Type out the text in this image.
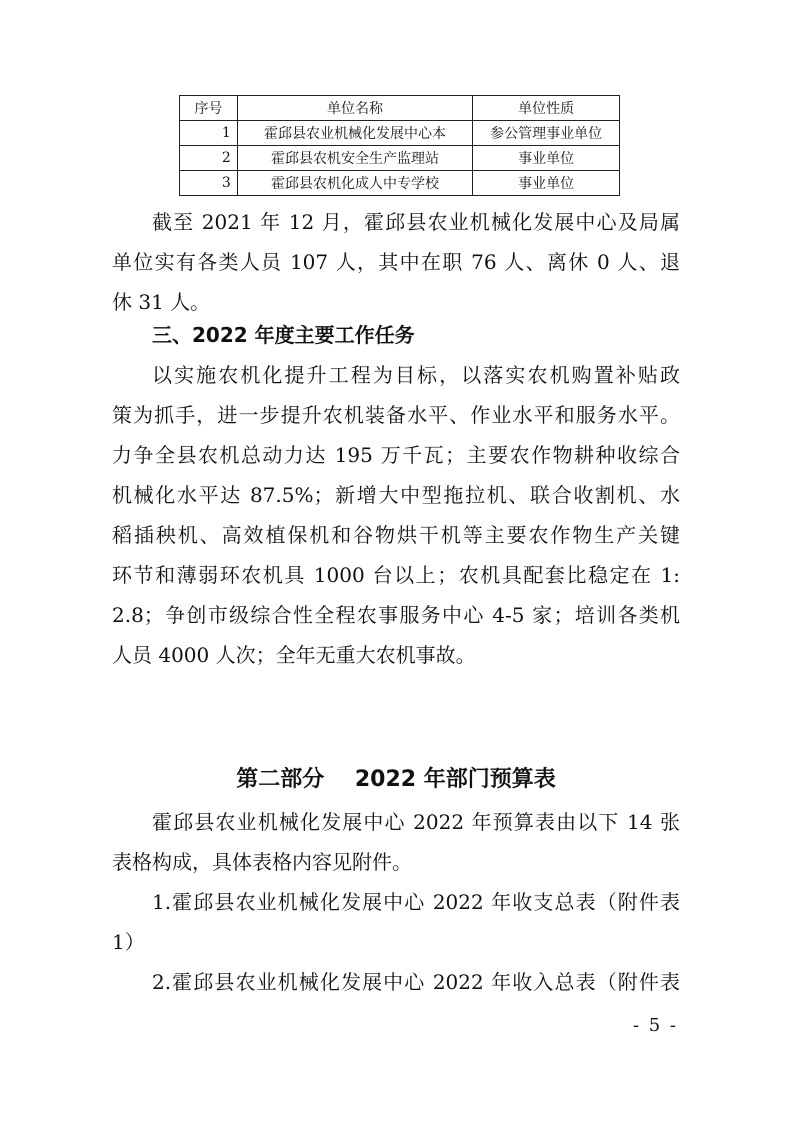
序号	单位名称	单位性质
1	霍邱县农业机械化发展中心本	参公管理事业单位
2	霍邱县农机安全生产监理站	事业单位
3	霍邱县农机化成人中专学校	事业单位
截至 2021 年 12 月，霍邱县农业机械化发展中心及局属
单位实有各类人员 107 人，其中在职 76 人、离休 0 人、退
休 31 人。
三、2022 年度主要工作任务
以实施农机化提升工程为目标，以落实农机购置补贴政
策为抓手，进一步提升农机装备水平、作业水平和服务水平。
力争全县农机总动力达 195 万千瓦；主要农作物耕种收综合
机械化水平达 87.5%；新增大中型拖拉机、联合收割机、水
稻插秧机、高效植保机和谷物烘干机等主要农作物生产关键
环节和薄弱环农机具 1000 台以上；农机具配套比稳定在 1:
2.8；争创市级综合性全程农事服务中心 4-5 家；培训各类机
人员 4000 人次；全年无重大农机事故。
第二部分    2022 年部门预算表
霍邱县农业机械化发展中心 2022 年预算表由以下 14 张
表格构成，具体表格内容见附件。
1.霍邱县农业机械化发展中心 2022 年收支总表（附件表
1）
2.霍邱县农业机械化发展中心 2022 年收入总表（附件表
- 5 -
